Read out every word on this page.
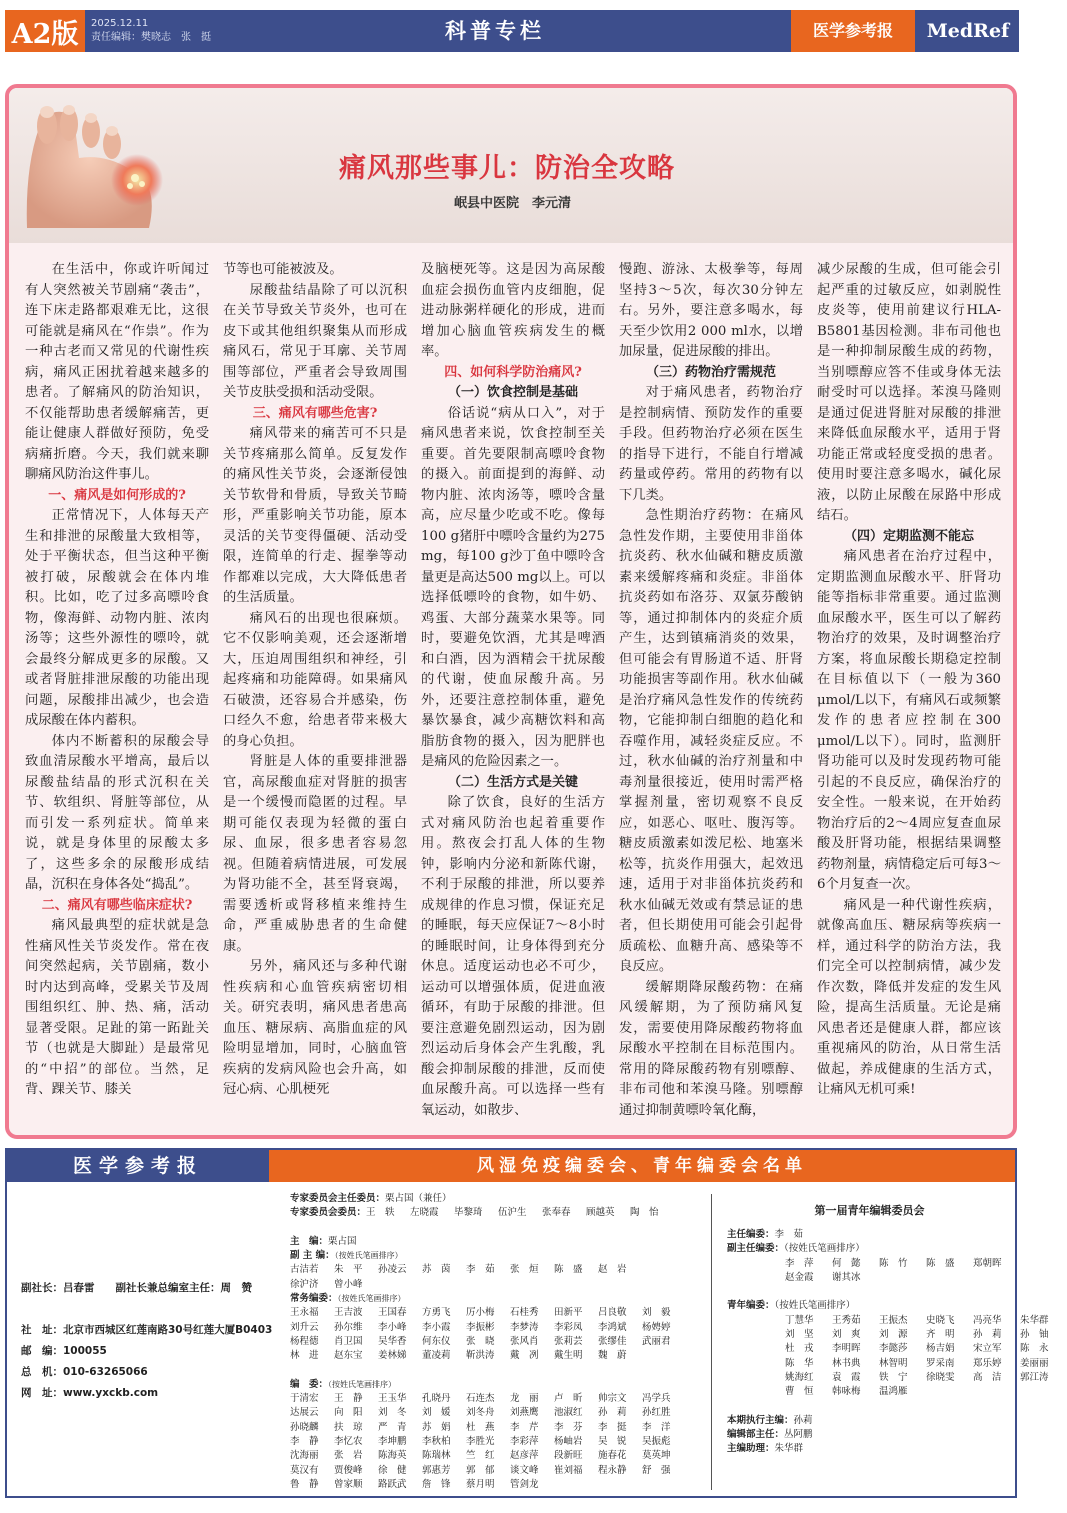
A2版	2025.12.11
责任编辑：樊晓志　张　挺	科普专栏	医学参考报	MedRef
痛风那些事儿：防治全攻略
岷县中医院　李元清

在生活中，你或许听闻过有人突然被关节剧痛“袭击”，连下床走路都艰难无比，这很可能就是痛风在“作祟”。作为一种古老而又常见的代谢性疾病，痛风正困扰着越来越多的患者。了解痛风的防治知识，不仅能帮助患者缓解痛苦，更能让健康人群做好预防，免受病痛折磨。今天，我们就来聊聊痛风防治这件事儿。

一、痛风是如何形成的?

正常情况下，人体每天产生和排泄的尿酸量大致相等，处于平衡状态，但当这种平衡被打破，尿酸就会在体内堆积。比如，吃了过多高嘌呤食物，像海鲜、动物内脏、浓肉汤等；这些外源性的嘌呤，就会最终分解成更多的尿酸。又或者肾脏排泄尿酸的功能出现问题，尿酸排出减少，也会造成尿酸在体内蓄积。

体内不断蓄积的尿酸会导致血清尿酸水平增高，最后以尿酸盐结晶的形式沉积在关节、软组织、肾脏等部位，从而引发一系列症状。简单来说，就是身体里的尿酸太多了，这些多余的尿酸形成结晶，沉积在身体各处“捣乱”。

二、痛风有哪些临床症状?

痛风最典型的症状就是急性痛风性关节炎发作。常在夜间突然起病，关节剧痛，数小时内达到高峰，受累关节及周围组织红、肿、热、痛，活动显著受限。足趾的第一跖趾关节（也就是大脚趾）是最常见的“中招”的部位。当然，足背、踝关节、膝关

节等也可能被波及。

尿酸盐结晶除了可以沉积在关节导致关节炎外，也可在皮下或其他组织聚集从而形成痛风石，常见于耳廓、关节周围等部位，严重者会导致周围关节皮肤受损和活动受限。

三、痛风有哪些危害?

痛风带来的痛苦可不只是关节疼痛那么简单。反复发作的痛风性关节炎，会逐渐侵蚀关节软骨和骨质，导致关节畸形，严重影响关节功能，原本灵活的关节变得僵硬、活动受限，连简单的行走、握拳等动作都难以完成，大大降低患者的生活质量。

痛风石的出现也很麻烦。它不仅影响美观，还会逐渐增大，压迫周围组织和神经，引起疼痛和功能障碍。如果痛风石破溃，还容易合并感染，伤口经久不愈，给患者带来极大的身心负担。

肾脏是人体的重要排泄器官，高尿酸血症对肾脏的损害是一个缓慢而隐匿的过程。早期可能仅表现为轻微的蛋白尿、血尿，很多患者容易忽视。但随着病情进展，可发展为肾功能不全，甚至肾衰竭，需要透析或肾移植来维持生命，严重威胁患者的生命健康。

另外，痛风还与多种代谢性疾病和心血管疾病密切相关。研究表明，痛风患者患高血压、糖尿病、高脂血症的风险明显增加，同时，心脑血管疾病的发病风险也会升高，如冠心病、心肌梗死

及脑梗死等。这是因为高尿酸血症会损伤血管内皮细胞，促进动脉粥样硬化的形成，进而增加心脑血管疾病发生的概率。

四、如何科学防治痛风?
（一）饮食控制是基础

俗话说“病从口入”，对于痛风患者来说，饮食控制至关重要。首先要限制高嘌呤食物的摄入。前面提到的海鲜、动物内脏、浓肉汤等，嘌呤含量高，应尽量少吃或不吃。像每100 g猪肝中嘌呤含量约为275 mg，每100 g沙丁鱼中嘌呤含量更是高达500 mg以上。可以选择低嘌呤的食物，如牛奶、鸡蛋、大部分蔬菜水果等。同时，要避免饮酒，尤其是啤酒和白酒，因为酒精会干扰尿酸的代谢，使血尿酸升高。另外，还要注意控制体重，避免暴饮暴食，减少高糖饮料和高脂肪食物的摄入，因为肥胖也是痛风的危险因素之一。

（二）生活方式是关键

除了饮食，良好的生活方式对痛风防治也起着重要作用。熬夜会打乱人体的生物钟，影响内分泌和新陈代谢，不利于尿酸的排泄，所以要养成规律的作息习惯，保证充足的睡眠，每天应保证7～8小时的睡眠时间，让身体得到充分休息。适度运动也必不可少，运动可以增强体质，促进血液循环，有助于尿酸的排泄。但要注意避免剧烈运动，因为剧烈运动后身体会产生乳酸，乳酸会抑制尿酸的排泄，反而使血尿酸升高。可以选择一些有氧运动，如散步、

慢跑、游泳、太极拳等，每周坚持3～5次，每次30分钟左右。另外，要注意多喝水，每天至少饮用2 000 ml水，以增加尿量，促进尿酸的排出。

（三）药物治疗需规范

对于痛风患者，药物治疗是控制病情、预防发作的重要手段。但药物治疗必须在医生的指导下进行，不能自行增减药量或停药。常用的药物有以下几类。

急性期治疗药物：在痛风急性发作期，主要使用非甾体抗炎药、秋水仙碱和糖皮质激素来缓解疼痛和炎症。非甾体抗炎药如布洛芬、双氯芬酸钠等，通过抑制体内的炎症介质产生，达到镇痛消炎的效果，但可能会有胃肠道不适、肝肾功能损害等副作用。秋水仙碱是治疗痛风急性发作的传统药物，它能抑制白细胞的趋化和吞噬作用，减轻炎症反应。不过，秋水仙碱的治疗剂量和中毒剂量很接近，使用时需严格掌握剂量，密切观察不良反应，如恶心、呕吐、腹泻等。糖皮质激素如泼尼松、地塞米松等，抗炎作用强大，起效迅速，适用于对非甾体抗炎药和秋水仙碱无效或有禁忌证的患者，但长期使用可能会引起骨质疏松、血糖升高、感染等不良反应。

缓解期降尿酸药物：在痛风缓解期，为了预防痛风复发，需要使用降尿酸药物将血尿酸水平控制在目标范围内。常用的降尿酸药物有别嘌醇、非布司他和苯溴马隆。别嘌醇通过抑制黄嘌呤氧化酶，

减少尿酸的生成，但可能会引起严重的过敏反应，如剥脱性皮炎等，使用前建议行HLA-B5801基因检测。非布司他也是一种抑制尿酸生成的药物，当别嘌醇应答不佳或身体无法耐受时可以选择。苯溴马隆则是通过促进肾脏对尿酸的排泄来降低血尿酸水平，适用于肾功能正常或轻度受损的患者。使用时要注意多喝水，碱化尿液，以防止尿酸在尿路中形成结石。

（四）定期监测不能忘

痛风患者在治疗过程中，定期监测血尿酸水平、肝肾功能等指标非常重要。通过监测血尿酸水平，医生可以了解药物治疗的效果，及时调整治疗方案，将血尿酸长期稳定控制在目标值以下（一般为360 μmol/L以下，有痛风石或频繁发作的患者应控制在300 μmol/L以下）。同时，监测肝肾功能可以及时发现药物可能引起的不良反应，确保治疗的安全性。一般来说，在开始药物治疗后的2～4周应复查血尿酸及肝肾功能，根据结果调整药物剂量，病情稳定后可每3～6个月复查一次。

痛风是一种代谢性疾病，就像高血压、糖尿病等疾病一样，通过科学的防治方法，我们完全可以控制病情，减少发作次数，降低并发症的发生风险，提高生活质量。无论是痛风患者还是健康人群，都应该重视痛风的防治，从日常生活做起，养成健康的生活方式，让痛风无机可乘!

医学参考报	风湿免疫编委会、青年编委会名单
副社长：吕春雷　　副社长兼总编室主任：周　赞
社　址：北京市西城区红莲南路30号红莲大厦B0403
邮　编：100055
总　机：010-63265066
网　址：www.yxckb.com
专家委员会主任委员：栗占国（兼任）
专家委员会委员：王　轶 左晓霞 毕黎琦 伍沪生 张奉春 顾越英 陶　怡
主　编：栗占国
副 主 编：（按姓氏笔画排序）
古洁若 朱　平 孙凌云 苏　茵 李　茹 张　烜 陈　盛 赵　岩
徐沪济 曾小峰
常务编委：（按姓氏笔画排序）
王永福 王吉波 王国春 方勇飞 厉小梅 石桂秀 田新平 吕良敬 刘　毅
刘升云 孙尔维 李小峰 李小霞 李振彬 李梦涛 李彩凤 李鸿斌 杨娉婷
杨程德 肖卫国 吴华香 何东仪 张　晓 张风肖 张莉芸 张缪佳 武丽君
林　进 赵东宝 姜林娣 董凌莉 靳洪涛 戴　冽 戴生明 魏　蔚
编　委：（按姓氏笔画排序）
于清宏 王　静 王玉华 孔晓丹 石连杰 龙　丽 卢　昕 帅宗文 冯学兵
达展云 向　阳 刘　冬 刘　媛 刘冬舟 刘燕鹰 池淑红 孙　莉 孙红胜
孙晓麟 扶　琼 严　青 苏　娟 杜　燕 李　芹 李　芬 李　挺 李　洋
李　静 李忆农 李坤鹏 李秋柏 李胜光 李彩萍 杨岫岩 吴　锐 吴振彪
沈海丽 张　岩 陈海英 陈瑞林 竺　红 赵彦萍 段新旺 施春花 莫英坤
莫汉有 贾俊峰 徐　健 郭惠芳 郭　郁 谈文峰 崔刘福 程永静 舒　强
鲁　静 曾家顺 路跃武 詹　锋 蔡月明 管剑龙
第一届青年编辑委员会
主任编委：李　茹
副主任编委：（按姓氏笔画排序）
李　萍 何　懿 陈　竹 陈　盛 郑朝晖
赵金霞 谢其冰
青年编委：（按姓氏笔画排序）
丁慧华 王秀茹 王振杰 史晓飞 冯亮华 朱华群
刘　坚 刘　爽 刘　源 齐　明 孙　莉 孙　铀
杜　戎 李明晖 李懿莎 杨吉娟 宋立军 陈　永
陈　华 林书典 林智明 罗采南 郑乐婷 姜丽丽
姚海红 袁　霞 铁　宁 徐晓雯 高　洁 郭江涛
曹　恒 韩咏梅 温鸿雁
本期执行主编：孙莉
编辑部主任：丛阿鹏
主编助理：朱华群
